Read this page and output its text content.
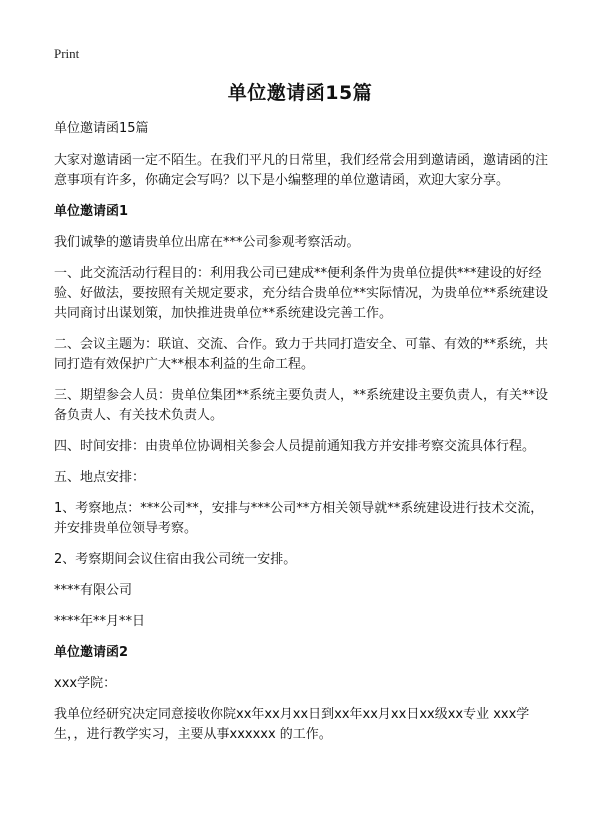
Print
单位邀请函15篇

单位邀请函15篇

大家对邀请函一定不陌生。在我们平凡的日常里，我们经常会用到邀请函，邀请函的注意事项有许多，你确定会写吗？以下是小编整理的单位邀请函，欢迎大家分享。

单位邀请函1

我们诚挚的邀请贵单位出席在***公司参观考察活动。

一、此交流活动行程目的：利用我公司已建成**便利条件为贵单位提供***建设的好经验、好做法，要按照有关规定要求，充分结合贵单位**实际情况，为贵单位**系统建设共同商讨出谋划策，加快推进贵单位**系统建设完善工作。

二、会议主题为：联谊、交流、合作。致力于共同打造安全、可靠、有效的**系统，共同打造有效保护广大**根本利益的生命工程。

三、期望参会人员：贵单位集团**系统主要负责人，**系统建设主要负责人，有关**设备负责人、有关技术负责人。

四、时间安排：由贵单位协调相关参会人员提前通知我方并安排考察交流具体行程。

五、地点安排：

1、考察地点：***公司**，安排与***公司**方相关领导就**系统建设进行技术交流，并安排贵单位领导考察。

2、考察期间会议住宿由我公司统一安排。

****有限公司

****年**月**日

单位邀请函2

xxx学院：

我单位经研究决定同意接收你院xx年xx月xx日到xx年xx月xx日xx级xx专业 xxx学生，，进行教学实习，主要从事xxxxxx 的工作。
